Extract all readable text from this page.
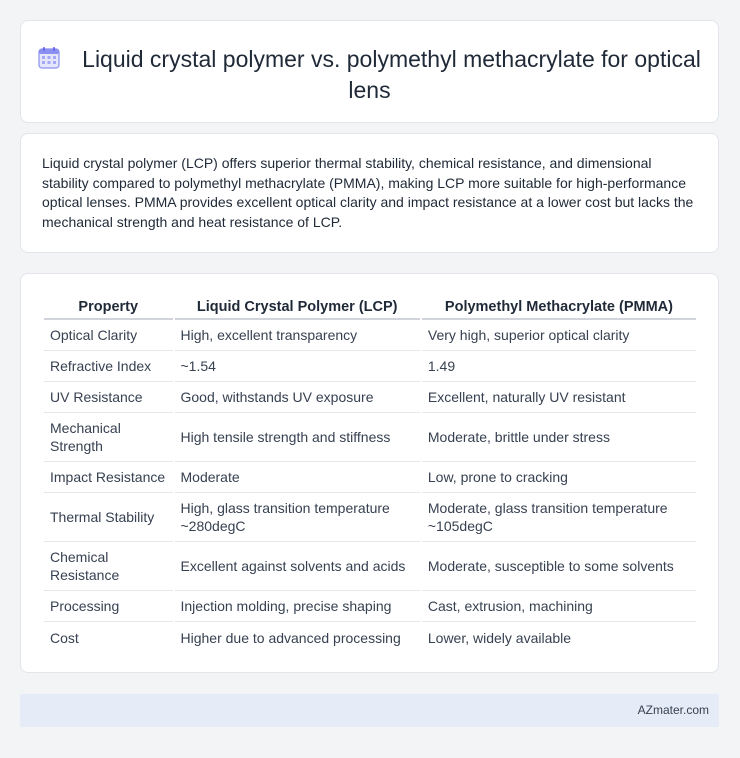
Liquid crystal polymer vs. polymethyl methacrylate for optical lens

Liquid crystal polymer (LCP) offers superior thermal stability, chemical resistance, and dimensional stability compared to polymethyl methacrylate (PMMA), making LCP more suitable for high-performance optical lenses. PMMA provides excellent optical clarity and impact resistance at a lower cost but lacks the mechanical strength and heat resistance of LCP.

Property	Liquid Crystal Polymer (LCP)	Polymethyl Methacrylate (PMMA)
Optical Clarity	High, excellent transparency	Very high, superior optical clarity
Refractive Index	~1.54	1.49
UV Resistance	Good, withstands UV exposure	Excellent, naturally UV resistant
Mechanical Strength	High tensile strength and stiffness	Moderate, brittle under stress
Impact Resistance	Moderate	Low, prone to cracking
Thermal Stability	High, glass transition temperature ~280degC	Moderate, glass transition temperature ~105degC
Chemical Resistance	Excellent against solvents and acids	Moderate, susceptible to some solvents
Processing	Injection molding, precise shaping	Cast, extrusion, machining
Cost	Higher due to advanced processing	Lower, widely available
AZmater.com
